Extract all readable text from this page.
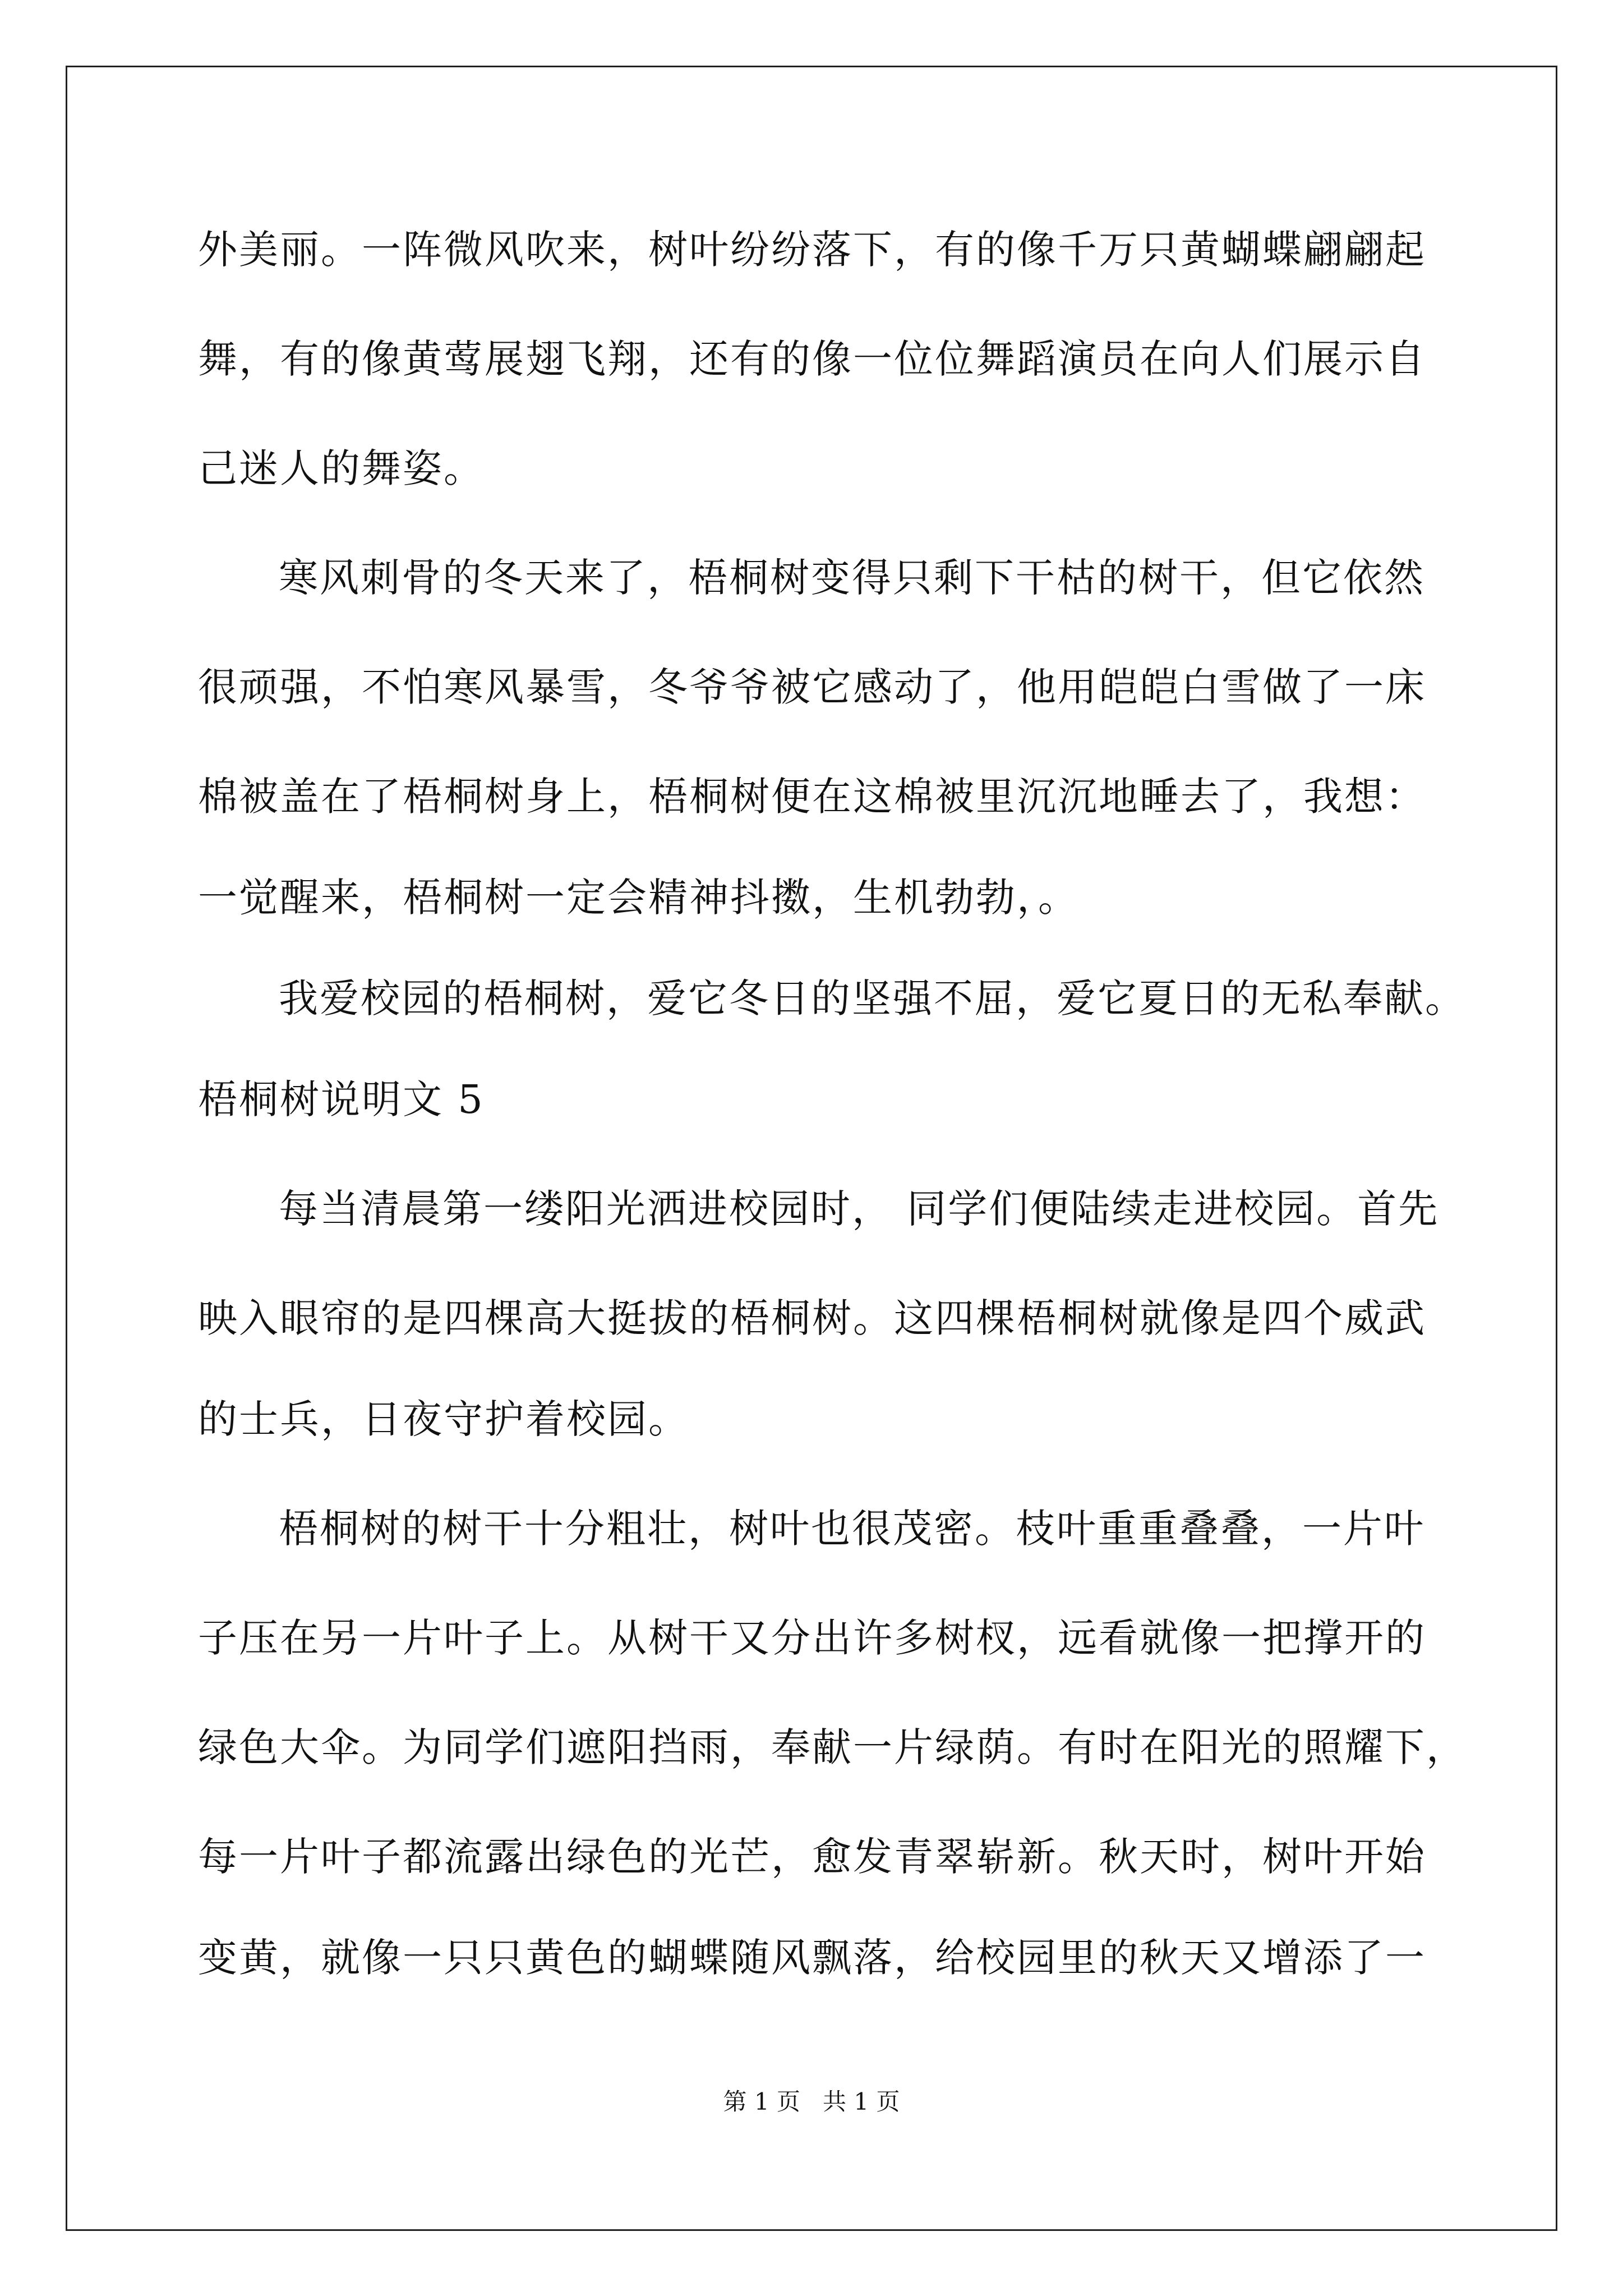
外美丽。一阵微风吹来，树叶纷纷落下，有的像千万只黄蝴蝶翩翩起
舞，有的像黄莺展翅飞翔，还有的像一位位舞蹈演员在向人们展示自
己迷人的舞姿。
寒风刺骨的冬天来了，梧桐树变得只剩下干枯的树干，但它依然
很顽强，不怕寒风暴雪，冬爷爷被它感动了，他用皑皑白雪做了一床
棉被盖在了梧桐树身上，梧桐树便在这棉被里沉沉地睡去了，我想：
一觉醒来，梧桐树一定会精神抖擞，生机勃勃，。
我爱校园的梧桐树，爱它冬日的坚强不屈，爱它夏日的无私奉献。
梧桐树说明文 5
每当清晨第一缕阳光洒进校园时， 同学们便陆续走进校园。首先
映入眼帘的是四棵高大挺拔的梧桐树。这四棵梧桐树就像是四个威武
的士兵，日夜守护着校园。
梧桐树的树干十分粗壮，树叶也很茂密。枝叶重重叠叠，一片叶
子压在另一片叶子上。从树干又分出许多树杈，远看就像一把撑开的
绿色大伞。为同学们遮阳挡雨，奉献一片绿荫。有时在阳光的照耀下，
每一片叶子都流露出绿色的光芒，愈发青翠崭新。秋天时，树叶开始
变黄，就像一只只黄色的蝴蝶随风飘落，给校园里的秋天又增添了一
第 1 页   共 1 页
